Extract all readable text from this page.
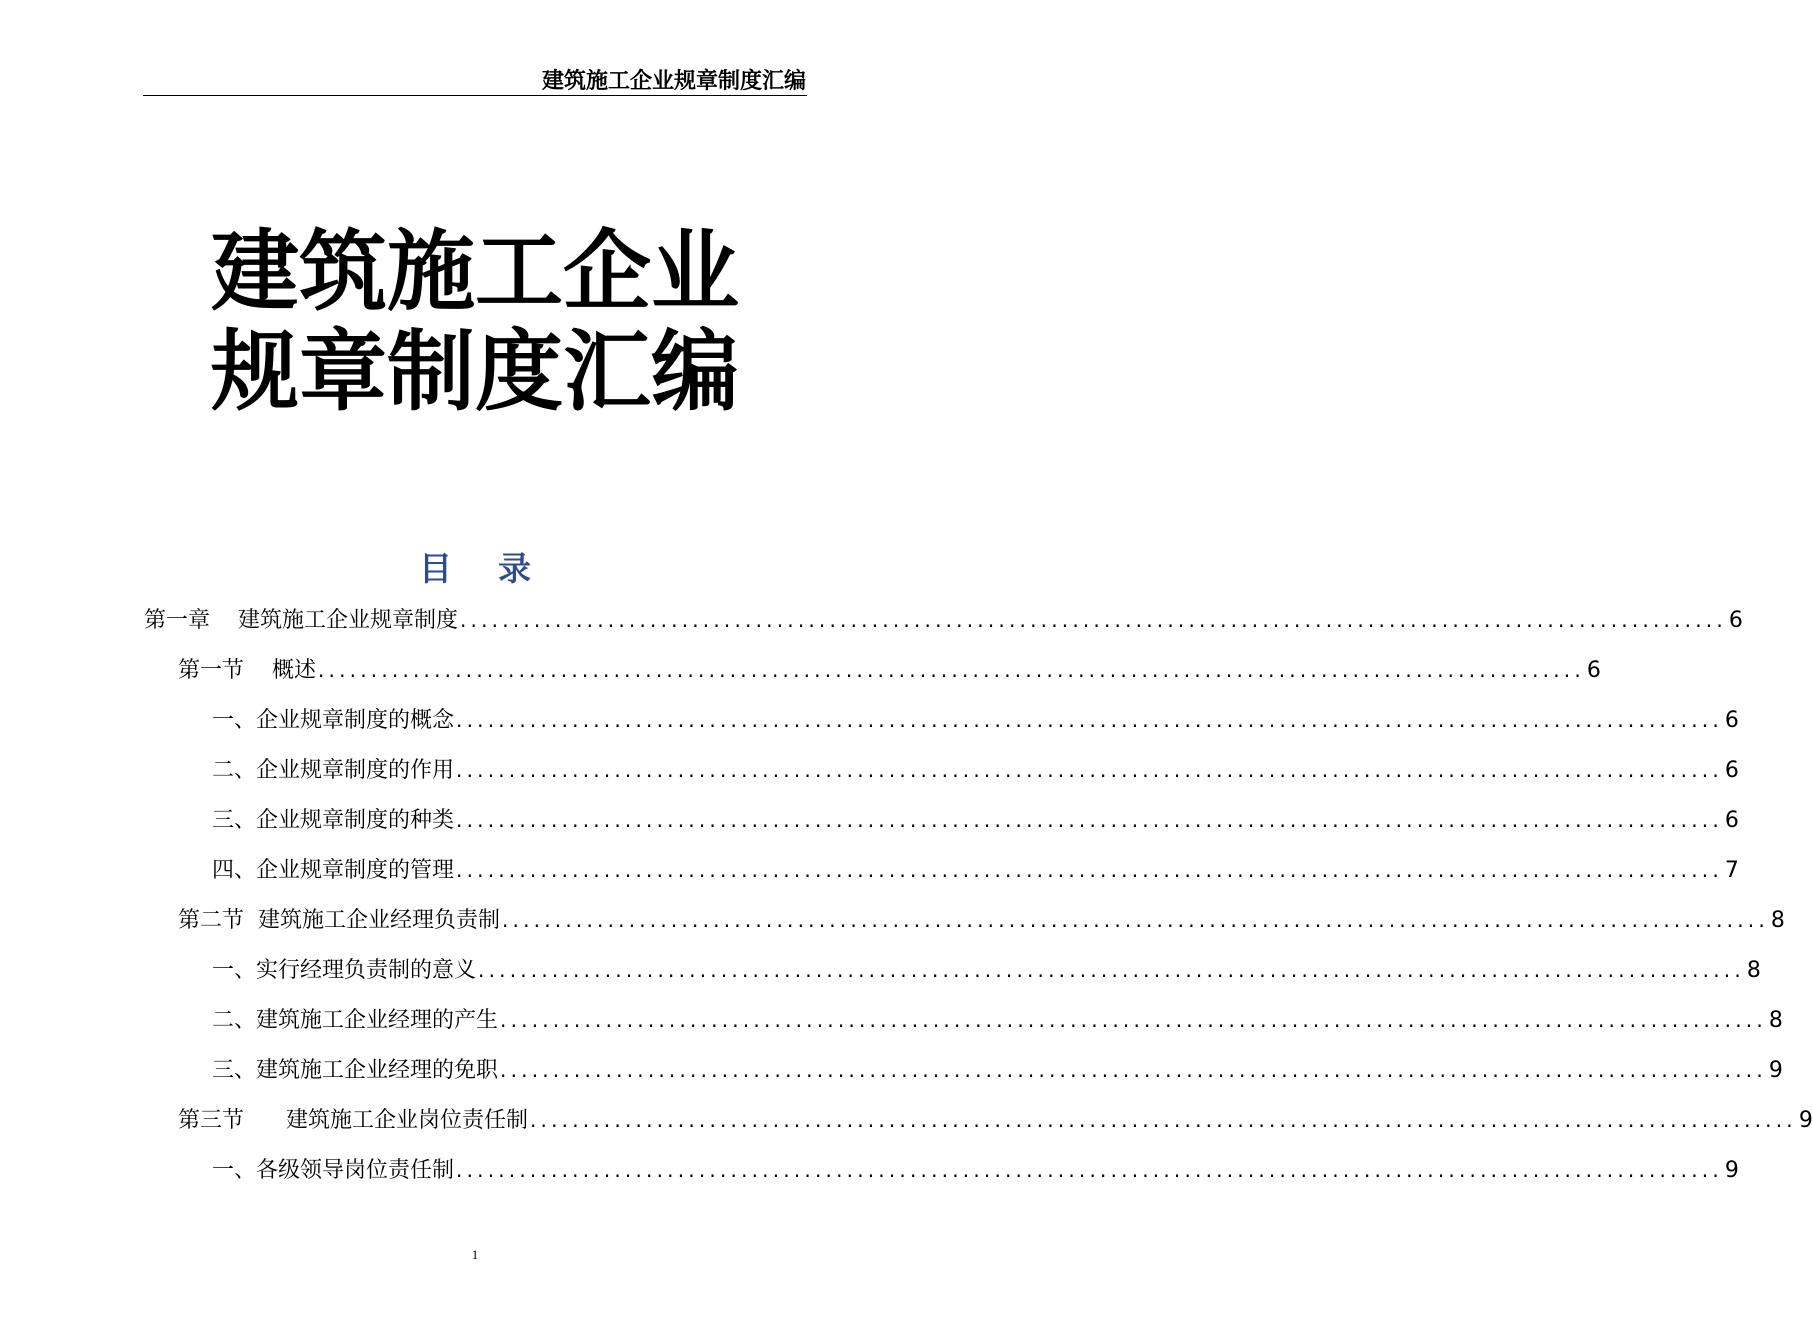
建筑施工企业规章制度汇编
建筑施工企业
规章制度汇编
目    录
第一章    建筑施工企业规章制度 ........................................................................................................................ 6
第一节    概述 ........................................................................................................................ 6
一、企业规章制度的概念 ........................................................................................................................ 6
二、企业规章制度的作用 ........................................................................................................................ 6
三、企业规章制度的种类 ........................................................................................................................ 6
四、企业规章制度的管理 ........................................................................................................................ 7
第二节  建筑施工企业经理负责制 ........................................................................................................................ 8
一、实行经理负责制的意义 ........................................................................................................................ 8
二、建筑施工企业经理的产生 ........................................................................................................................ 8
三、建筑施工企业经理的免职 ........................................................................................................................ 9
第三节      建筑施工企业岗位责任制 ........................................................................................................................ 9
一、各级领导岗位责任制 ........................................................................................................................ 9
1
